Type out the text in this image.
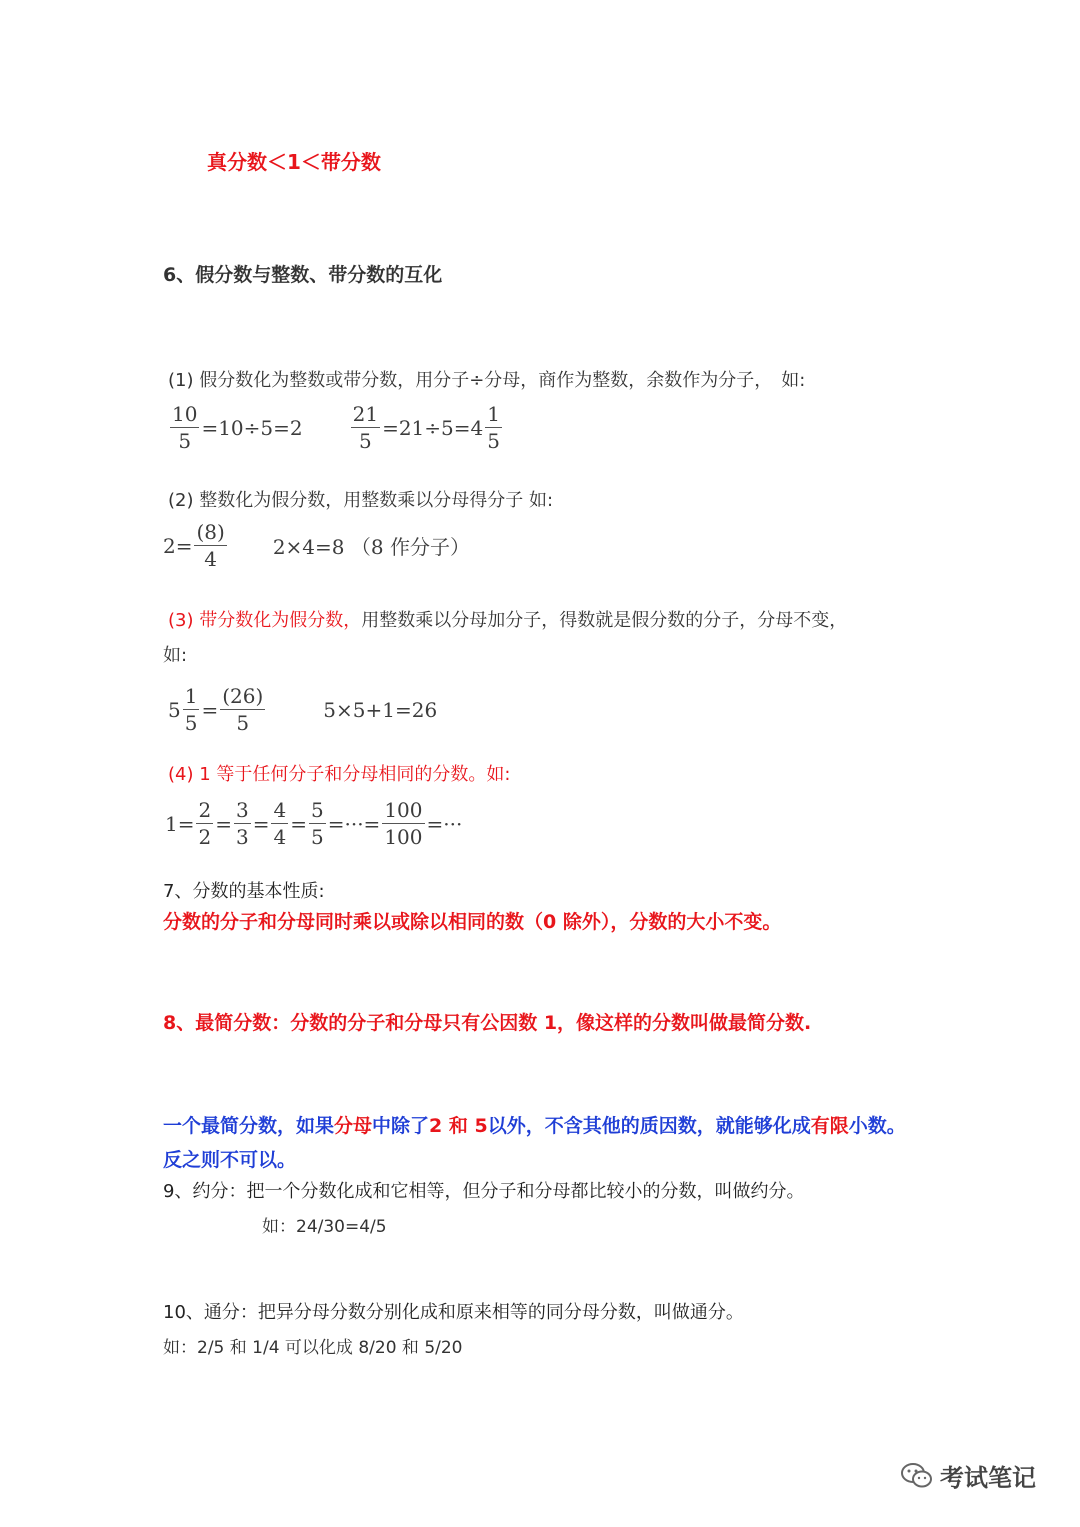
真分数＜1＜带分数
6、假分数与整数、带分数的互化
(1) 假分数化为整数或带分数，用分子÷分母，商作为整数，余数作为分子，　如:
$\frac{10}{5} =10\div 5=2 \frac{21}{5} =21\div 5=4 \frac{1}{5}$
(2) 整数化为假分数，用整数乘以分母得分子 如:
$2= \frac{(8)}{4} 2\times 4=8$ （8 作分子）
(3) 带分数化为假分数，用整数乘以分母加分子，得数就是假分数的分子，分母不变，
如:
$5 \frac{1}{5} = \frac{(26)}{5}$	5×5+1=26
(4) 1 等于任何分子和分母相同的分数。如:
$1= \frac{2}{2} = \frac{3}{3} = \frac{4}{4} = \frac{5}{5}$ =···= $\frac{100}{100}$ =···
7、分数的基本性质:
分数的分子和分母同时乘以或除以相同的数（0 除外），分数的大小不变。
8、最简分数：分数的分子和分母只有公因数 1，像这样的分数叫做最简分数.
一个最简分数，如果分母中除了2 和 5以外，不含其他的质因数，就能够化成有限小数。
反之则不可以。
9、约分：把一个分数化成和它相等，但分子和分母都比较小的分数，叫做约分。
如：24/30=4/5
10、通分：把异分母分数分别化成和原来相等的同分母分数，叫做通分。
如：2/5 和 1/4 可以化成 8/20 和 5/20
考试笔记
